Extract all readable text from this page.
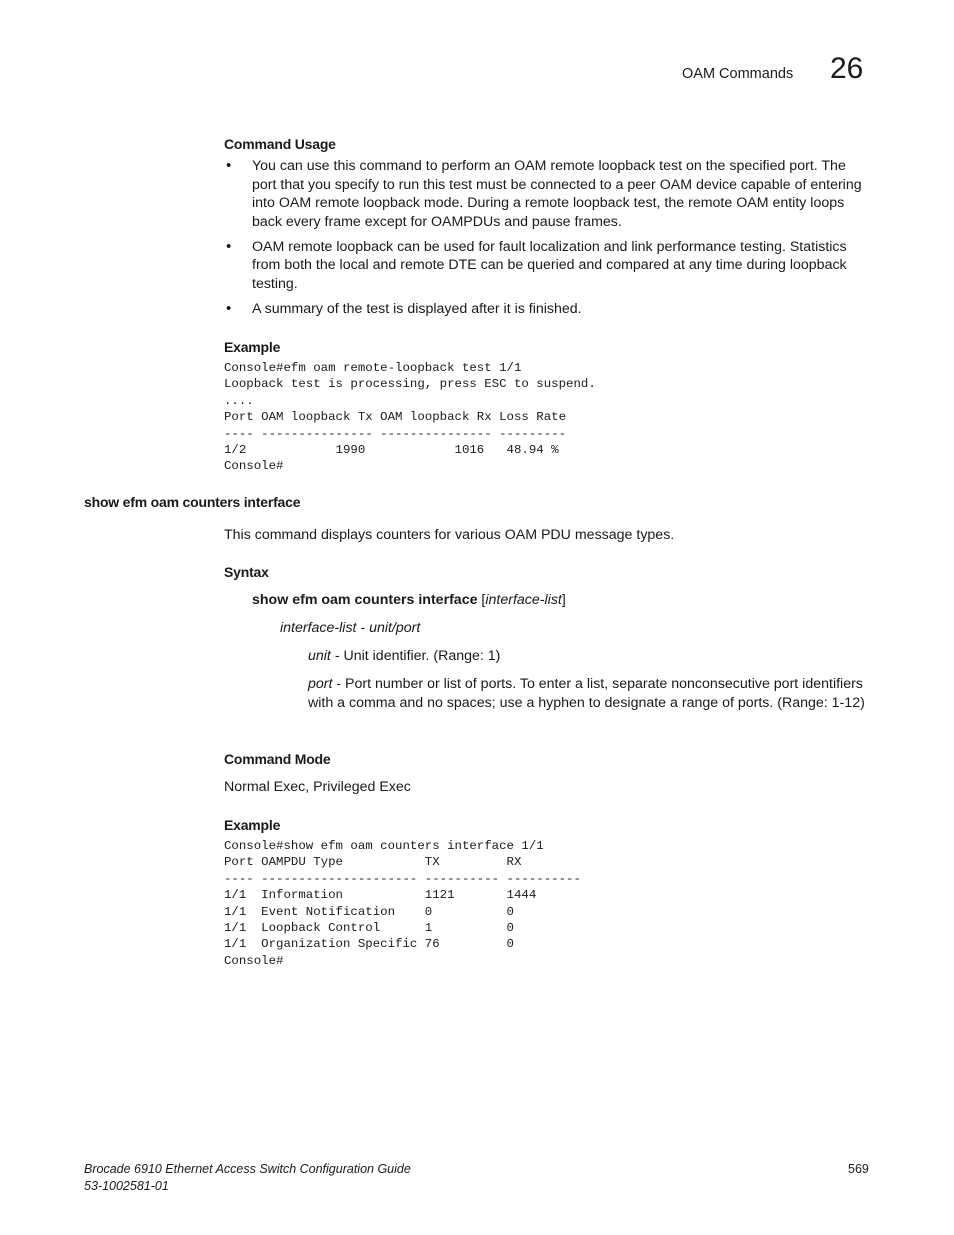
OAM Commands 26
Command Usage
• You can use this command to perform an OAM remote loopback test on the specified port. The port that you specify to run this test must be connected to a peer OAM device capable of entering into OAM remote loopback mode. During a remote loopback test, the remote OAM entity loops back every frame except for OAMPDUs and pause frames.
• OAM remote loopback can be used for fault localization and link performance testing. Statistics from both the local and remote DTE can be queried and compared at any time during loopback testing.
• A summary of the test is displayed after it is finished.
Example
Console#efm oam remote-loopback test 1/1
Loopback test is processing, press ESC to suspend.
....
Port OAM loopback Tx OAM loopback Rx Loss Rate
---- --------------- --------------- ---------
1/2            1990            1016   48.94 %
Console#
show efm oam counters interface
This command displays counters for various OAM PDU message types.
Syntax
show efm oam counters interface [interface-list]
interface-list - unit/port
unit - Unit identifier. (Range: 1)
port - Port number or list of ports. To enter a list, separate nonconsecutive port identifiers with a comma and no spaces; use a hyphen to designate a range of ports. (Range: 1-12)
Command Mode
Normal Exec, Privileged Exec
Example
Console#show efm oam counters interface 1/1
Port OAMPDU Type           TX         RX
---- --------------------- ---------- ----------
1/1  Information           1121       1444
1/1  Event Notification    0          0
1/1  Loopback Control      1          0
1/1  Organization Specific 76         0
Console#
Brocade 6910 Ethernet Access Switch Configuration Guide
53-1002581-01
569
